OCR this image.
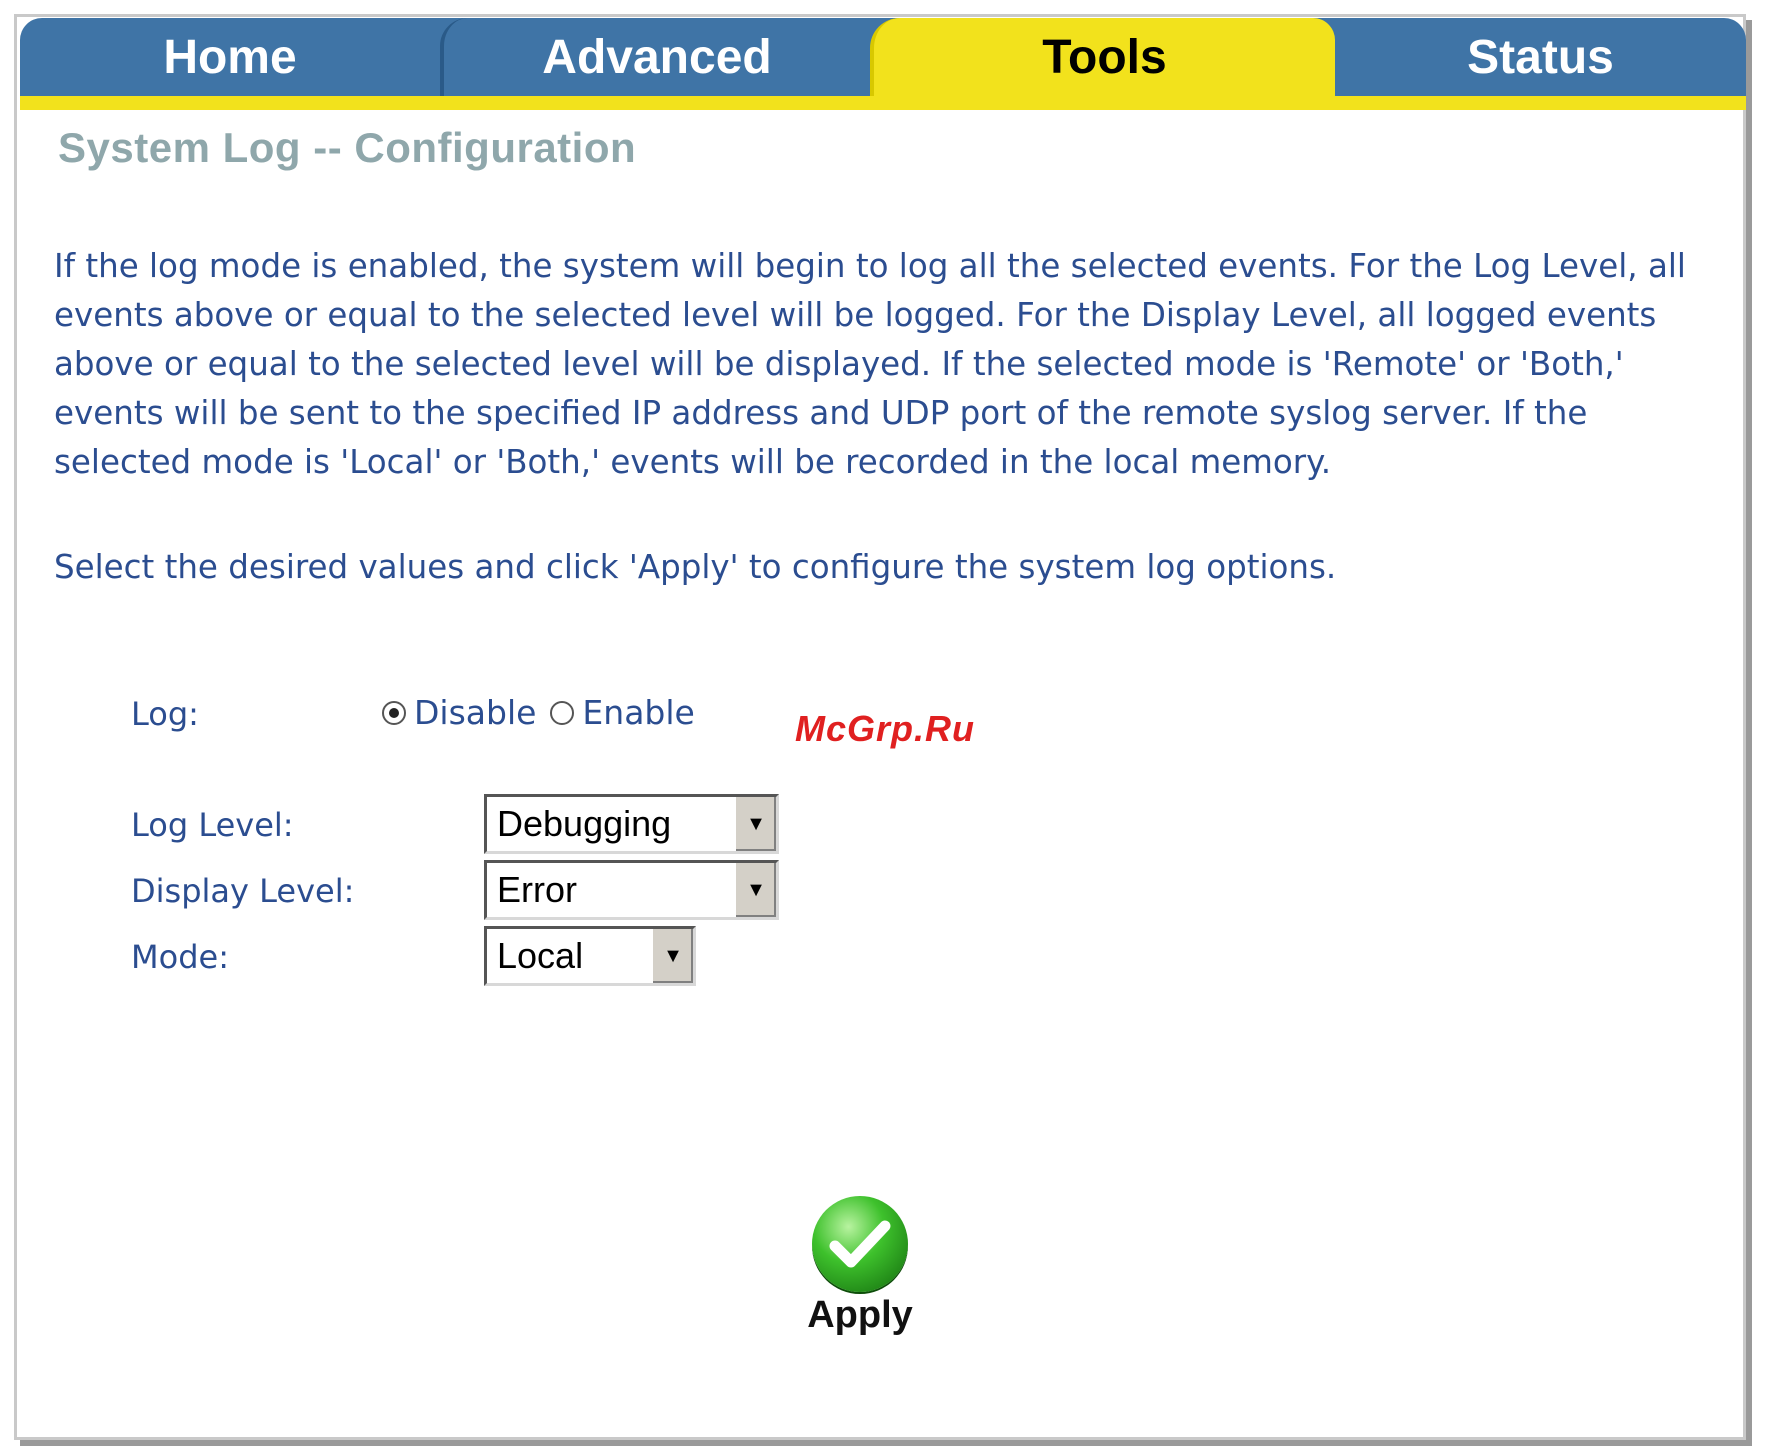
Home	Advanced	Tools	Status
System Log -- Configuration
If the log mode is enabled, the system will begin to log all the selected events. For the Log Level, all events above or equal to the selected level will be logged. For the Display Level, all logged events above or equal to the selected level will be displayed. If the selected mode is 'Remote' or 'Both,' events will be sent to the specified IP address and UDP port of the remote syslog server. If the selected mode is 'Local' or 'Both,' events will be recorded in the local memory.
Select the desired values and click 'Apply' to configure the system log options.
Log:	Disable Enable	McGrp.Ru
Log Level:	Debugging	▼
Display Level:	Error	▼
Mode:	Local	▼
Apply
